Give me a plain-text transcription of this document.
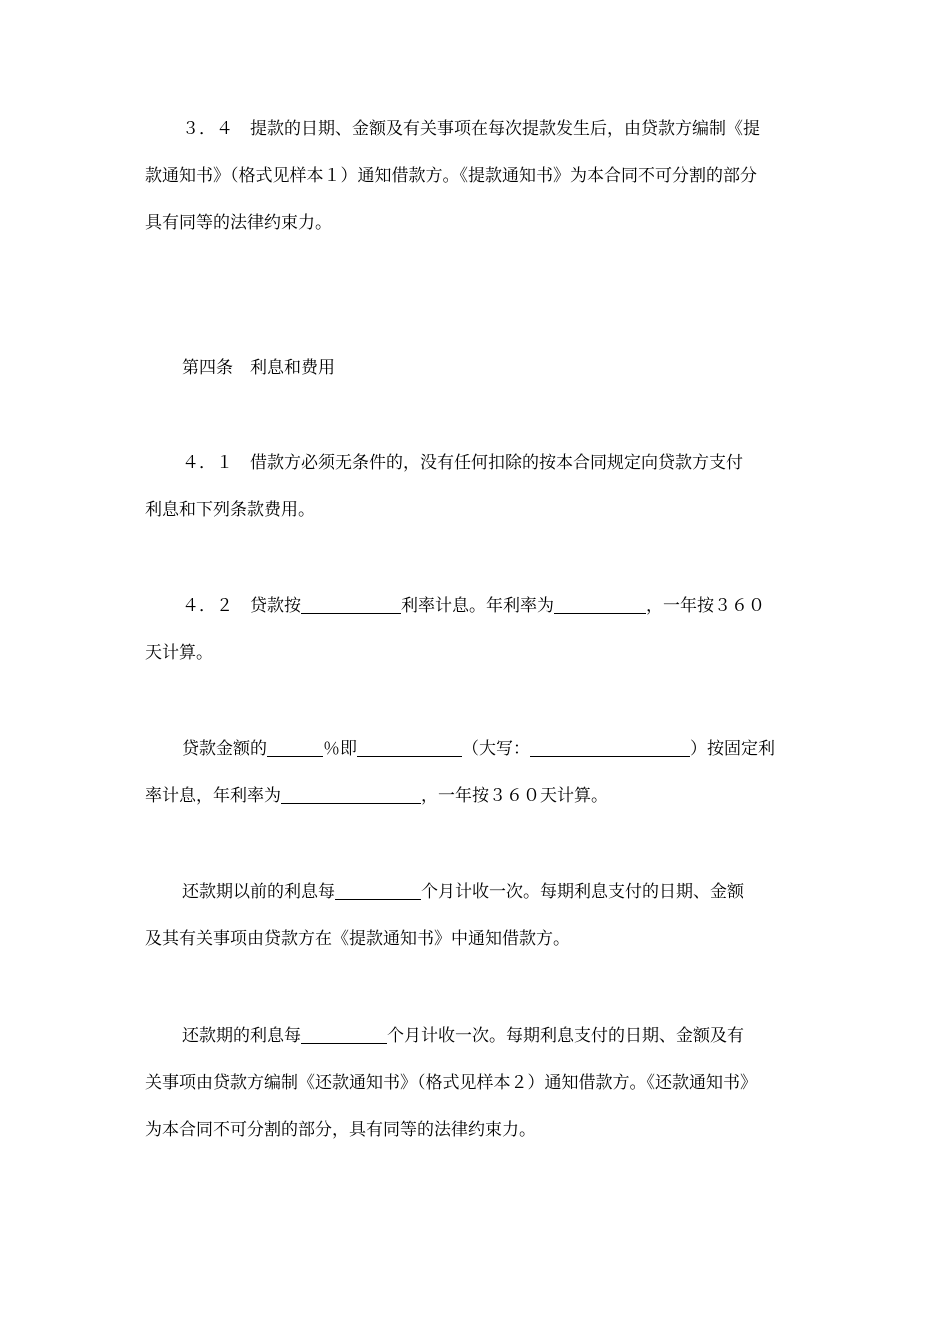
３．４　提款的日期、金额及有关事项在每次提款发生后，由贷款方编制《提
款通知书》（格式见样本１）通知借款方。《提款通知书》为本合同不可分割的部分
具有同等的法律约束力。
第四条　利息和费用
４．１　借款方必须无条件的，没有任何扣除的按本合同规定向贷款方支付
利息和下列条款费用。
４．２　贷款按	利率计息。年利率为	，一年按３６０
天计算。
贷款金额的	％即	（大写：	）按固定利
率计息，年利率为	，一年按３６０天计算。
还款期以前的利息每	个月计收一次。每期利息支付的日期、金额
及其有关事项由贷款方在《提款通知书》中通知借款方。
还款期的利息每	个月计收一次。每期利息支付的日期、金额及有
关事项由贷款方编制《还款通知书》（格式见样本２）通知借款方。《还款通知书》
为本合同不可分割的部分，具有同等的法律约束力。
